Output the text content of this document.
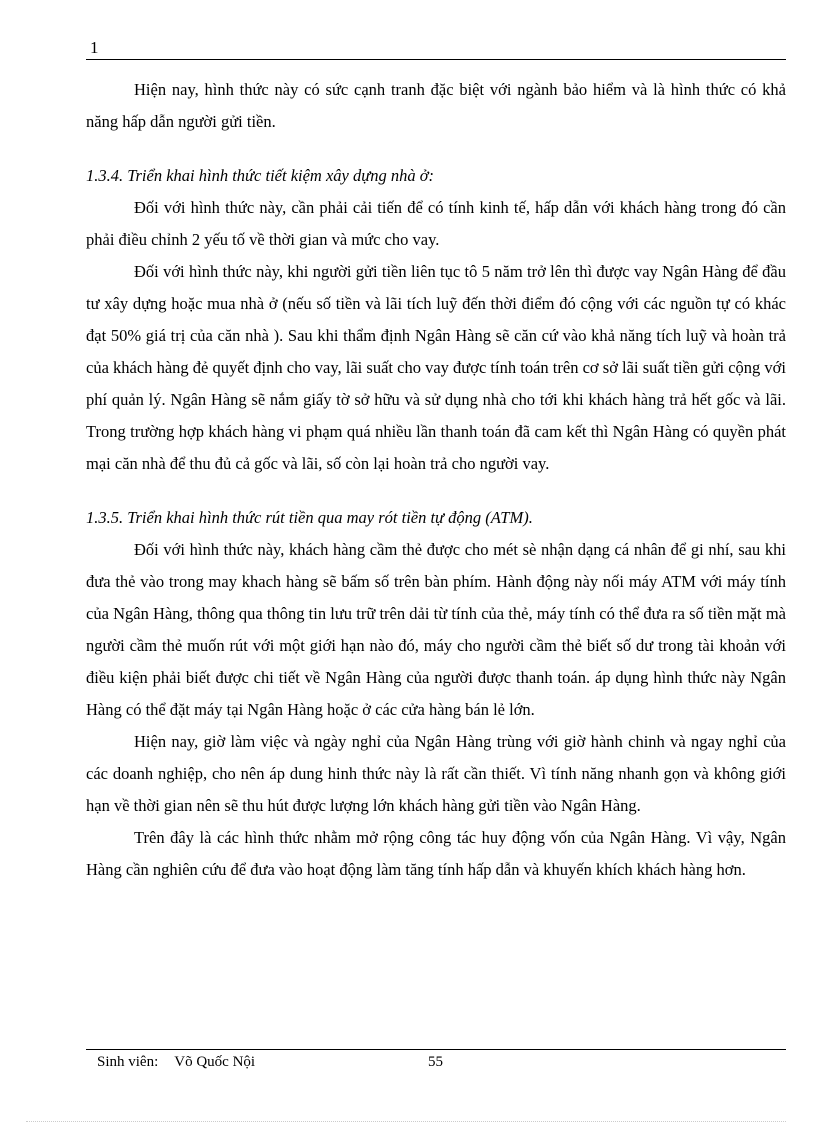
1

Hiện nay, hình thức này có sức cạnh tranh đặc biệt với ngành bảo hiểm và là hình thức có khả năng hấp dẫn người gửi tiền.

1.3.4. Triển khai hình thức tiết kiệm xây dựng nhà ở:

Đối với hình thức này, cần phải cải tiến để có tính kinh tế, hấp dẫn với khách hàng trong đó cần phải điều chỉnh 2 yếu tố về thời gian và mức cho vay.

Đối với hình thức này, khi người gửi tiền liên tục tô 5 năm trở lên thì được vay Ngân Hàng để đầu tư xây dựng hoặc mua nhà ở (nếu số tiền và lãi tích luỹ đến thời điểm đó cộng với các nguồn tự có khác đạt 50% giá trị của căn nhà ). Sau khi thẩm định Ngân Hàng sẽ căn cứ vào khả năng tích luỹ và hoàn trả của khách hàng đẻ quyết định cho vay, lãi suất cho vay được tính toán trên cơ sở lãi suất tiền gửi cộng với phí quản lý. Ngân Hàng sẽ nắm giấy tờ sở hữu và sử dụng nhà cho tới khi khách hàng trả hết gốc và lãi. Trong trường hợp khách hàng vi phạm quá nhiều lần thanh toán đã cam kết thì Ngân Hàng có quyền phát mại căn nhà để thu đủ cả gốc và lãi, số còn lại hoàn trả cho người vay.

1.3.5. Triển khai hình thức rút tiền qua may rót tiền tự động (ATM).

Đối với hình thức này, khách hàng cầm thẻ được cho mét sè nhận dạng cá nhân để gi nhí, sau khi đưa thẻ vào trong may khach hàng sẽ bấm số trên bàn phím. Hành động này nối máy ATM với máy tính của Ngân Hàng, thông qua thông tin lưu trữ trên dải từ tính của thẻ, máy tính có thể đưa ra số tiền mặt mà người cầm thẻ muốn rút với một giới hạn nào đó, máy cho người cầm thẻ biết số dư trong tài khoản với điều kiện phải biết được chi tiết về Ngân Hàng của người được thanh toán. áp dụng hình thức này Ngân Hàng có thể đặt máy tại Ngân Hàng hoặc ở các cửa hàng bán lẻ lớn.

Hiện nay, giờ làm việc và ngày nghỉ của Ngân Hàng trùng với giờ hành chinh và ngay nghỉ của các doanh nghiệp, cho nên áp dung hinh thức này là rất cần thiết. Vì tính năng nhanh gọn và không giới hạn về thời gian nên sẽ thu hút được lượng lớn khách hàng gửi tiền vào Ngân Hàng.

Trên đây là các hình thức nhằm mở rộng công tác huy động vốn của Ngân Hàng. Vì vậy, Ngân Hàng cần nghiên cứu để đưa vào hoạt động làm tăng tính hấp dẫn và khuyến khích khách hàng hơn.

Sinh viên: Võ Quốc Nội	55
